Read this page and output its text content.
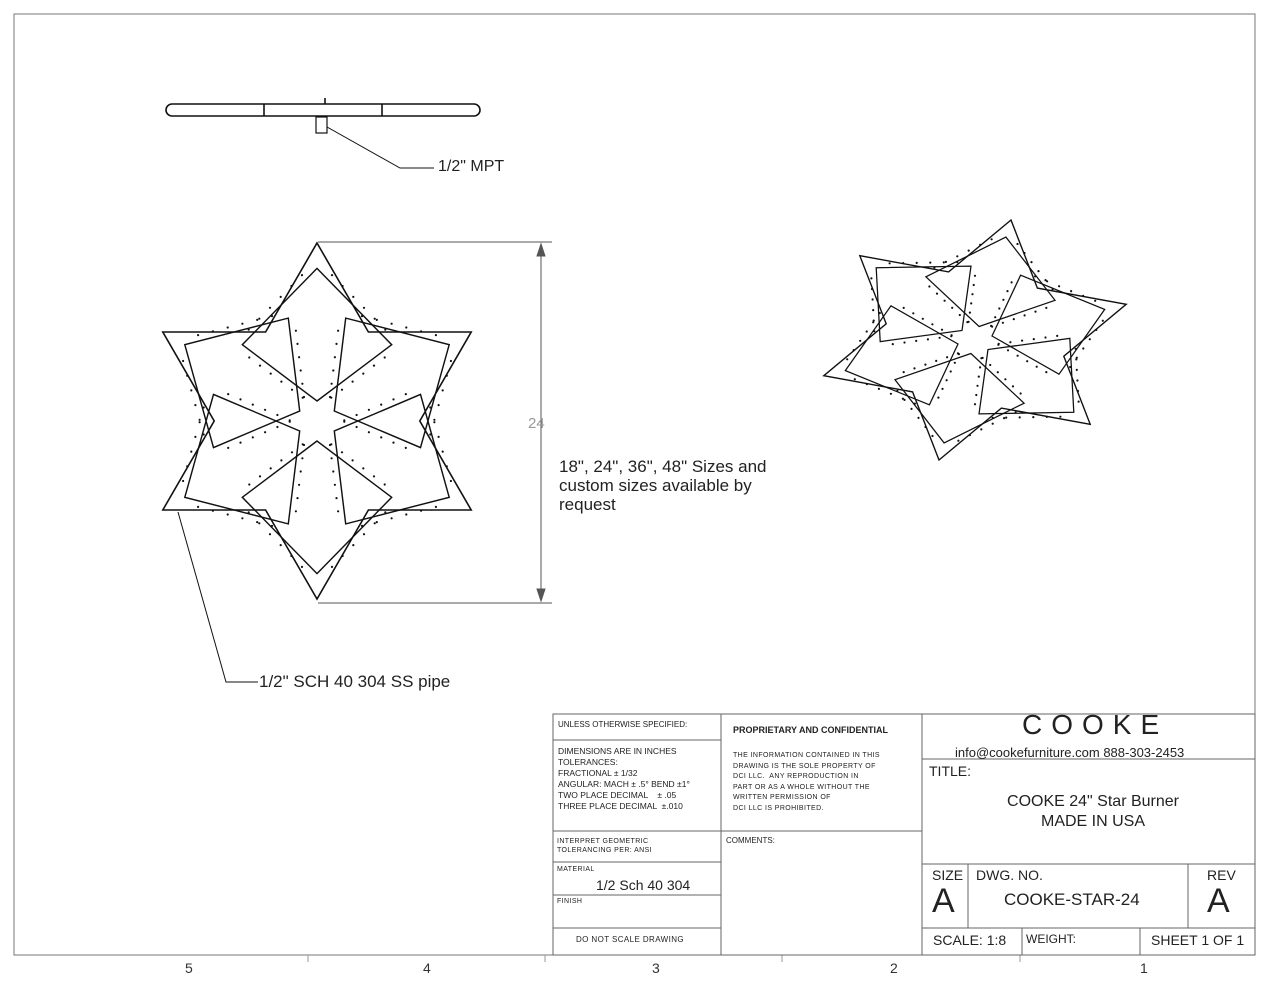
1/2" MPT
1/2" SCH 40 304 SS pipe
24
18", 24", 36", 48" Sizes and
custom sizes available by
request
UNLESS OTHERWISE SPECIFIED:
DIMENSIONS ARE IN INCHES
TOLERANCES:
FRACTIONAL ± 1/32
ANGULAR: MACH ± .5° BEND ±1°
TWO PLACE DECIMAL    ± .05
THREE PLACE DECIMAL  ±.010
INTERPRET GEOMETRIC
TOLERANCING PER: ANSI
MATERIAL
1/2 Sch 40 304
FINISH
DO NOT SCALE DRAWING
PROPRIETARY AND CONFIDENTIAL
THE INFORMATION CONTAINED IN THIS
DRAWING IS THE SOLE PROPERTY OF
DCI LLC.  ANY REPRODUCTION IN
PART OR AS A WHOLE WITHOUT THE
WRITTEN PERMISSION OF
DCI LLC IS PROHIBITED.
COMMENTS:
COOKE
info@cookefurniture.com 888-303-2453
TITLE:
COOKE 24" Star Burner
MADE IN USA
SIZE
A
DWG. NO.
COOKE-STAR-24
REV
A
SCALE: 1:8 WEIGHT:	SHEET 1 OF 1
5	4	3	2	1
